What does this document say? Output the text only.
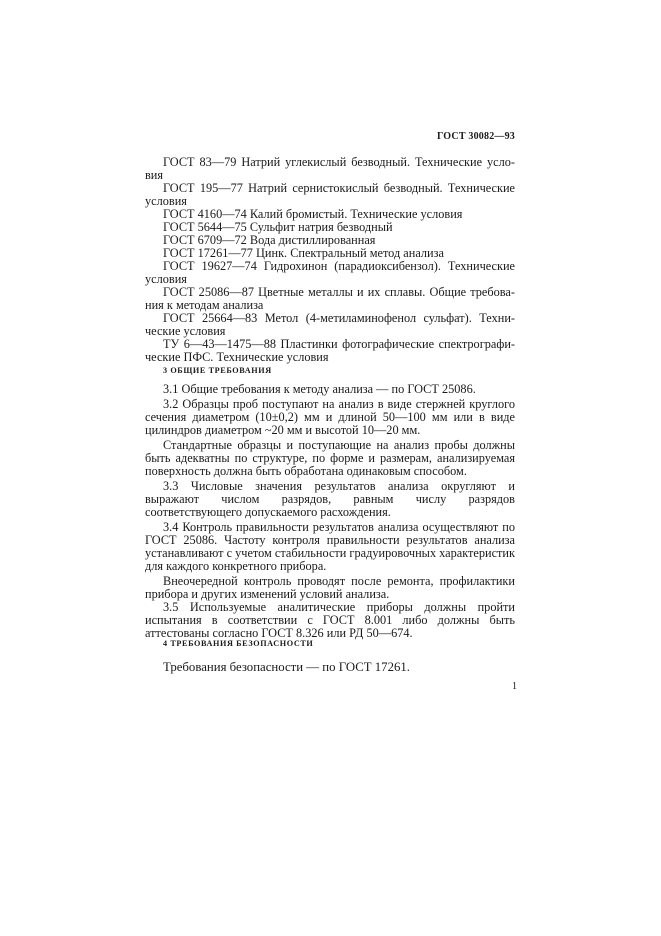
ГОСТ 30082—93

ГОСТ 83—79 Натрий углекислый безводный. Технические усло-вия

ГОСТ 195—77 Натрий сернистокислый безводный. Технические условия

ГОСТ 4160—74 Калий бромистый. Технические условия

ГОСТ 5644—75 Сульфит натрия безводный

ГОСТ 6709—72 Вода дистиллированная

ГОСТ 17261—77 Цинк. Спектральный метод анализа

ГОСТ 19627—74 Гидрохинон (парадиоксибензол). Технические условия

ГОСТ 25086—87 Цветные металлы и их сплавы. Общие требова-ния к методам анализа

ГОСТ 25664—83 Метол (4-метиламинофенол сульфат). Техни-ческие условия

ТУ 6—43—1475—88 Пластинки фотографические спектрографи-ческие ПФС. Технические условия

3 ОБЩИЕ ТРЕБОВАНИЯ

3.1 Общие требования к методу анализа — по ГОСТ 25086.

3.2 Образцы проб поступают на анализ в виде стержней круглого сечения диаметром (10±0,2) мм и длиной 50—100 мм или в виде цилиндров диаметром ~20 мм и высотой 10—20 мм.

Стандартные образцы и поступающие на анализ пробы должны быть адекватны по структуре, по форме и размерам, анализируемая поверхность должна быть обработана одинаковым способом.

3.3 Числовые значения результатов анализа округляют и выражают числом разрядов, равным числу разрядов соответствующего допускаемого расхождения.

3.4 Контроль правильности результатов анализа осуществляют по ГОСТ 25086. Частоту контроля правильности результатов анализа устанавливают с учетом стабильности градуировочных характеристик для каждого конкретного прибора.

Внеочередной контроль проводят после ремонта, профилактики прибора и других изменений условий анализа.

3.5 Используемые аналитические приборы должны пройти испытания в соответствии с ГОСТ 8.001 либо должны быть аттестованы согласно ГОСТ 8.326 или РД 50—674.

4 ТРЕБОВАНИЯ БЕЗОПАСНОСТИ

Требования безопасности — по ГОСТ 17261.

1
